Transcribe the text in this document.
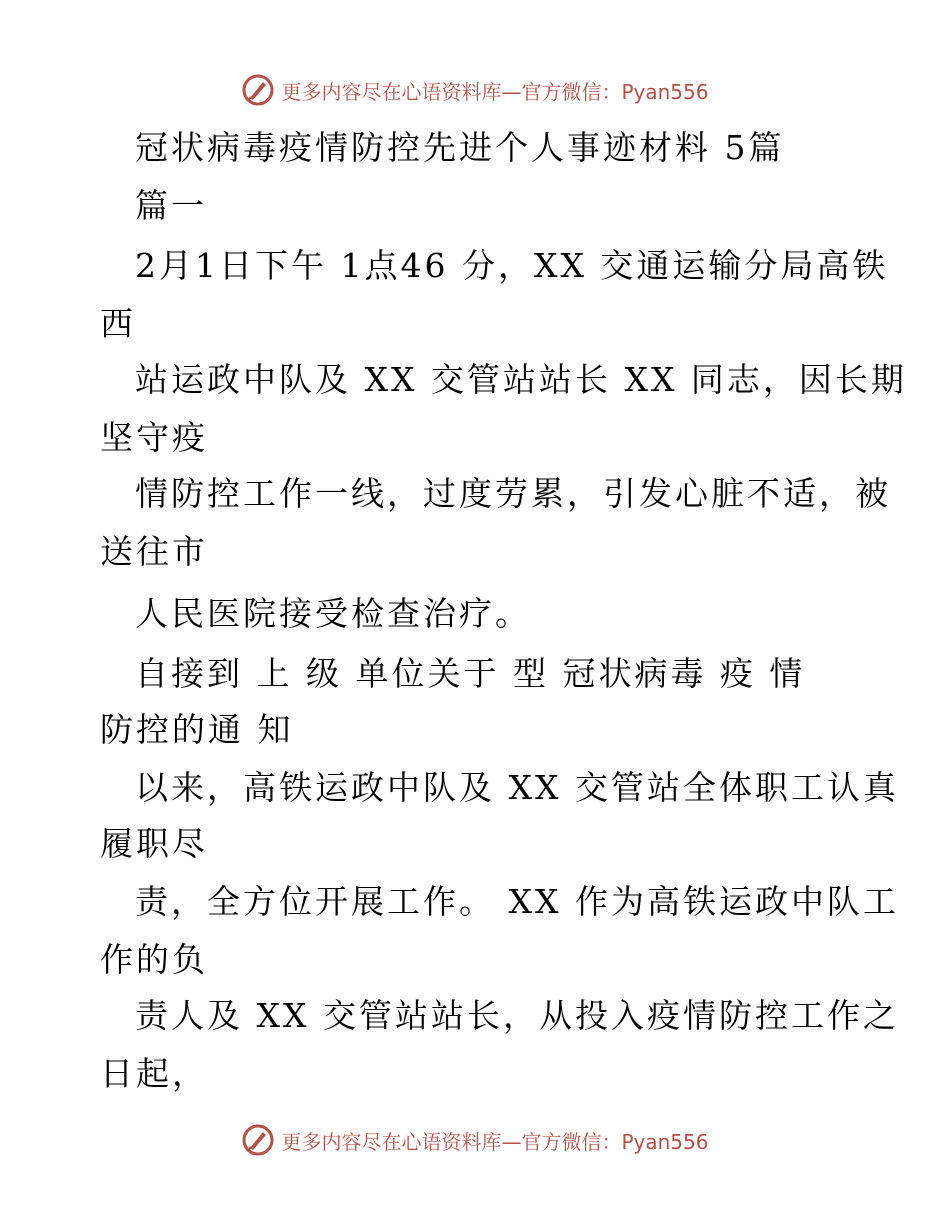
更多内容尽在心语资料库—官方微信：Pyan556
冠状病毒疫情防控先进个人事迹材料 5篇
篇一
2月1日下午 1点46 分，XX 交通运输分局高铁
西
站运政中队及 XX 交管站站长 XX 同志，因长期
坚守疫
情防控工作一线，过度劳累，引发心脏不适，被
送往市
人民医院接受检查治疗。
自接到 上 级 单位关于 型 冠状病毒 疫 情
防控的通 知
以来，高铁运政中队及 XX 交管站全体职工认真
履职尽
责，全方位开展工作。 XX 作为高铁运政中队工
作的负
责人及 XX 交管站站长，从投入疫情防控工作之
日起，
更多内容尽在心语资料库—官方微信：Pyan556
